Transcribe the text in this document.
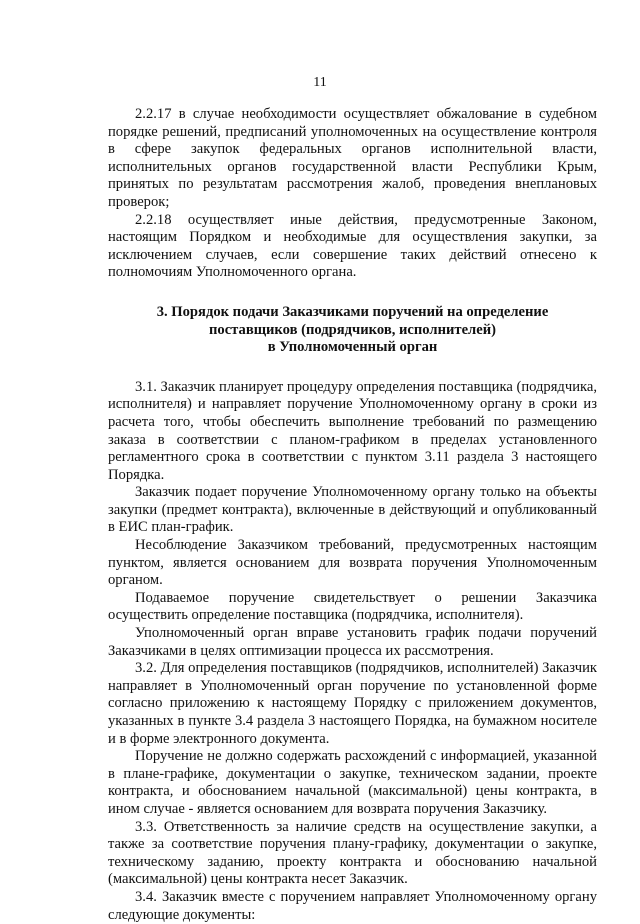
11

2.2.17 в случае необходимости осуществляет обжалование в судебном порядке решений, предписаний уполномоченных на осуществление контроля в сфере закупок федеральных органов исполнительной власти, исполнительных органов государственной власти Республики Крым, принятых по результатам рассмотрения жалоб, проведения внеплановых проверок;

2.2.18 осуществляет иные действия, предусмотренные Законом, настоящим Порядком и необходимые для осуществления закупки, за исключением случаев, если совершение таких действий отнесено к полномочиям Уполномоченного органа.

3. Порядок подачи Заказчиками поручений на определение
поставщиков (подрядчиков, исполнителей)
в Уполномоченный орган

3.1. Заказчик планирует процедуру определения поставщика (подрядчика, исполнителя) и направляет поручение Уполномоченному органу в сроки из расчета того, чтобы обеспечить выполнение требований по размещению заказа в соответствии с планом-графиком в пределах установленного регламентного срока в соответствии с пунктом 3.11 раздела 3 настоящего Порядка.

Заказчик подает поручение Уполномоченному органу только на объекты закупки (предмет контракта), включенные в действующий и опубликованный в ЕИС план-график.

Несоблюдение Заказчиком требований, предусмотренных настоящим пунктом, является основанием для возврата поручения Уполномоченным органом.

Подаваемое поручение свидетельствует о решении Заказчика осуществить определение поставщика (подрядчика, исполнителя).

Уполномоченный орган вправе установить график подачи поручений Заказчиками в целях оптимизации процесса их рассмотрения.

3.2. Для определения поставщиков (подрядчиков, исполнителей) Заказчик направляет в Уполномоченный орган поручение по установленной форме согласно приложению к настоящему Порядку с приложением документов, указанных в пункте 3.4 раздела 3 настоящего Порядка, на бумажном носителе и в форме электронного документа.

Поручение не должно содержать расхождений с информацией, указанной в плане-графике, документации о закупке, техническом задании, проекте контракта, и обоснованием начальной (максимальной) цены контракта, в ином случае - является основанием для возврата поручения Заказчику.

3.3. Ответственность за наличие средств на осуществление закупки, а также за соответствие поручения плану-графику, документации о закупке, техническому заданию, проекту контракта и обоснованию начальной (максимальной) цены контракта несет Заказчик.

3.4. Заказчик вместе с поручением направляет Уполномоченному органу следующие документы:
